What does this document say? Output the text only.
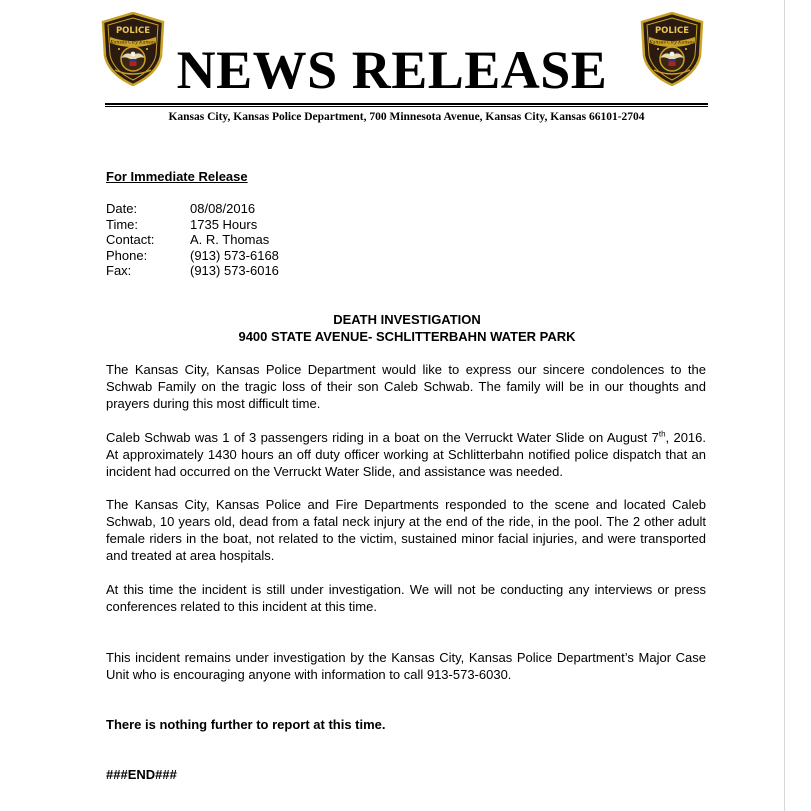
POLICE
Kansas City Kansas
POLICE
Kansas City Kansas
NEWS RELEASE
Kansas City, Kansas Police Department, 700 Minnesota Avenue, Kansas City, Kansas 66101-2704
For Immediate Release
Date:	08/08/2016
Time:	1735 Hours
Contact:	A. R. Thomas
Phone:	(913) 573-6168
Fax:	(913) 573-6016
DEATH INVESTIGATION
9400 STATE AVENUE- SCHLITTERBAHN WATER PARK

The Kansas City, Kansas Police Department would like to express our sincere condolences to the Schwab Family on the tragic loss of their son Caleb Schwab. The family will be in our thoughts and prayers during this most difficult time.

Caleb Schwab was 1 of 3 passengers riding in a boat on the Verruckt Water Slide on August 7th, 2016. At approximately 1430 hours an off duty officer working at Schlitterbahn notified police dispatch that an incident had occurred on the Verruckt Water Slide, and assistance was needed.

The Kansas City, Kansas Police and Fire Departments responded to the scene and located Caleb Schwab, 10 years old, dead from a fatal neck injury at the end of the ride, in the pool. The 2 other adult female riders in the boat, not related to the victim, sustained minor facial injuries, and were transported and treated at area hospitals.

At this time the incident is still under investigation. We will not be conducting any interviews or press conferences related to this incident at this time.

This incident remains under investigation by the Kansas City, Kansas Police Department’s Major Case Unit who is encouraging anyone with information to call 913-573-6030.

There is nothing further to report at this time.
###END###
